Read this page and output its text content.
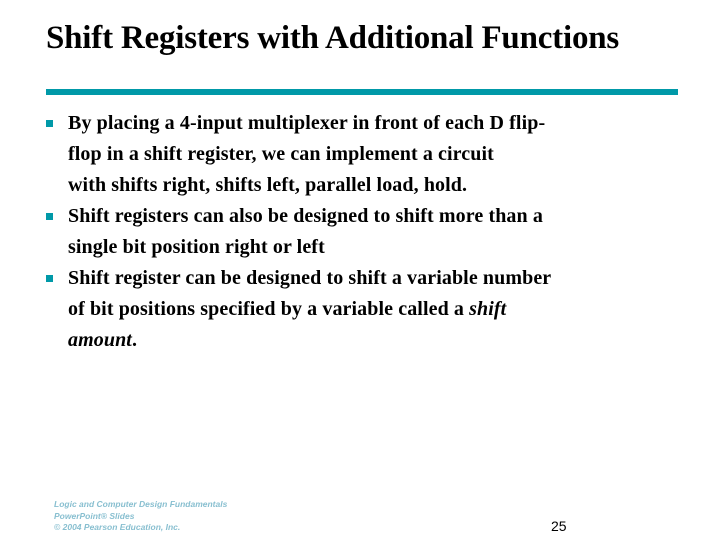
Shift Registers with Additional Functions
By placing a 4-input multiplexer in front of each D flip-
flop in a shift register, we can implement a circuit
with shifts right, shifts left, parallel load, hold.
Shift registers can also be designed to shift more than a
single bit position right or left
Shift register can be designed to shift a variable number
of bit positions specified by a variable called a shift
amount.
Logic and Computer Design Fundamentals
PowerPoint® Slides
© 2004 Pearson Education, Inc.	25
